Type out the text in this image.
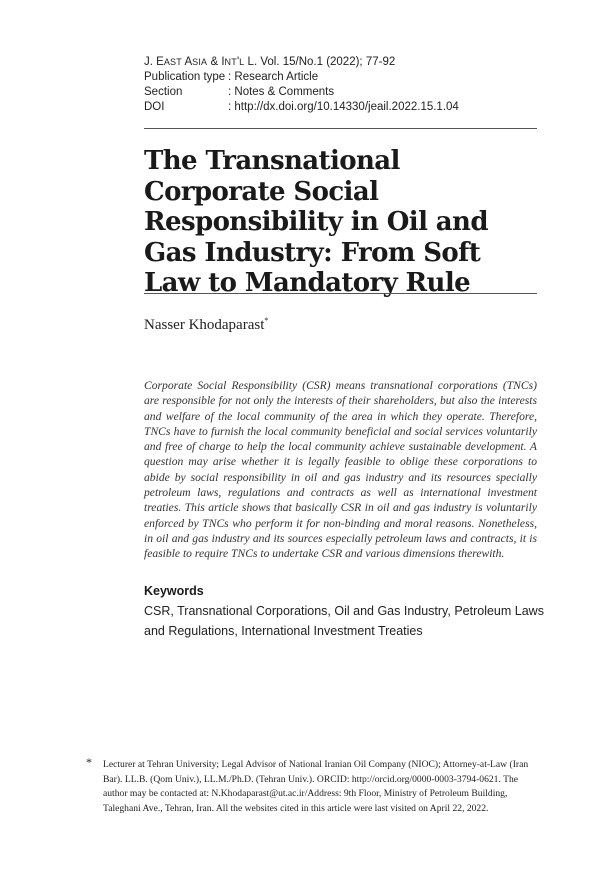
J. EAST ASIA & INT'L L. Vol. 15/No.1 (2022); 77-92
Publication type : Research Article
Section	: Notes & Comments
DOI	: http://dx.doi.org/10.14330/jeail.2022.15.1.04
The Transnational Corporate Social Responsibility in Oil and Gas Industry: From Soft Law to Mandatory Rule
Nasser Khodaparast*

Corporate Social Responsibility (CSR) means transnational corporations (TNCs) are responsible for not only the interests of their shareholders, but also the interests and welfare of the local community of the area in which they operate. Therefore, TNCs have to furnish the local community beneficial and social services voluntarily and free of charge to help the local community achieve sustainable development. A question may arise whether it is legally feasible to oblige these corporations to abide by social responsibility in oil and gas industry and its resources specially petroleum laws, regulations and contracts as well as international investment treaties. This article shows that basically CSR in oil and gas industry is voluntarily enforced by TNCs who perform it for non-binding and moral reasons. Nonetheless, in oil and gas industry and its sources especially petroleum laws and contracts, it is feasible to require TNCs to undertake CSR and various dimensions therewith.

Keywords

CSR, Transnational Corporations, Oil and Gas Industry, Petroleum Laws and Regulations, International Investment Treaties

* Lecturer at Tehran University; Legal Advisor of National Iranian Oil Company (NIOC); Attorney-at-Law (Iran Bar). LL.B. (Qom Univ.), LL.M./Ph.D. (Tehran Univ.). ORCID: http://orcid.org/0000-0003-3794-0621. The author may be contacted at: N.Khodaparast@ut.ac.ir/Address: 9th Floor, Ministry of Petroleum Building, Taleghani Ave., Tehran, Iran. All the websites cited in this article were last visited on April 22, 2022.
